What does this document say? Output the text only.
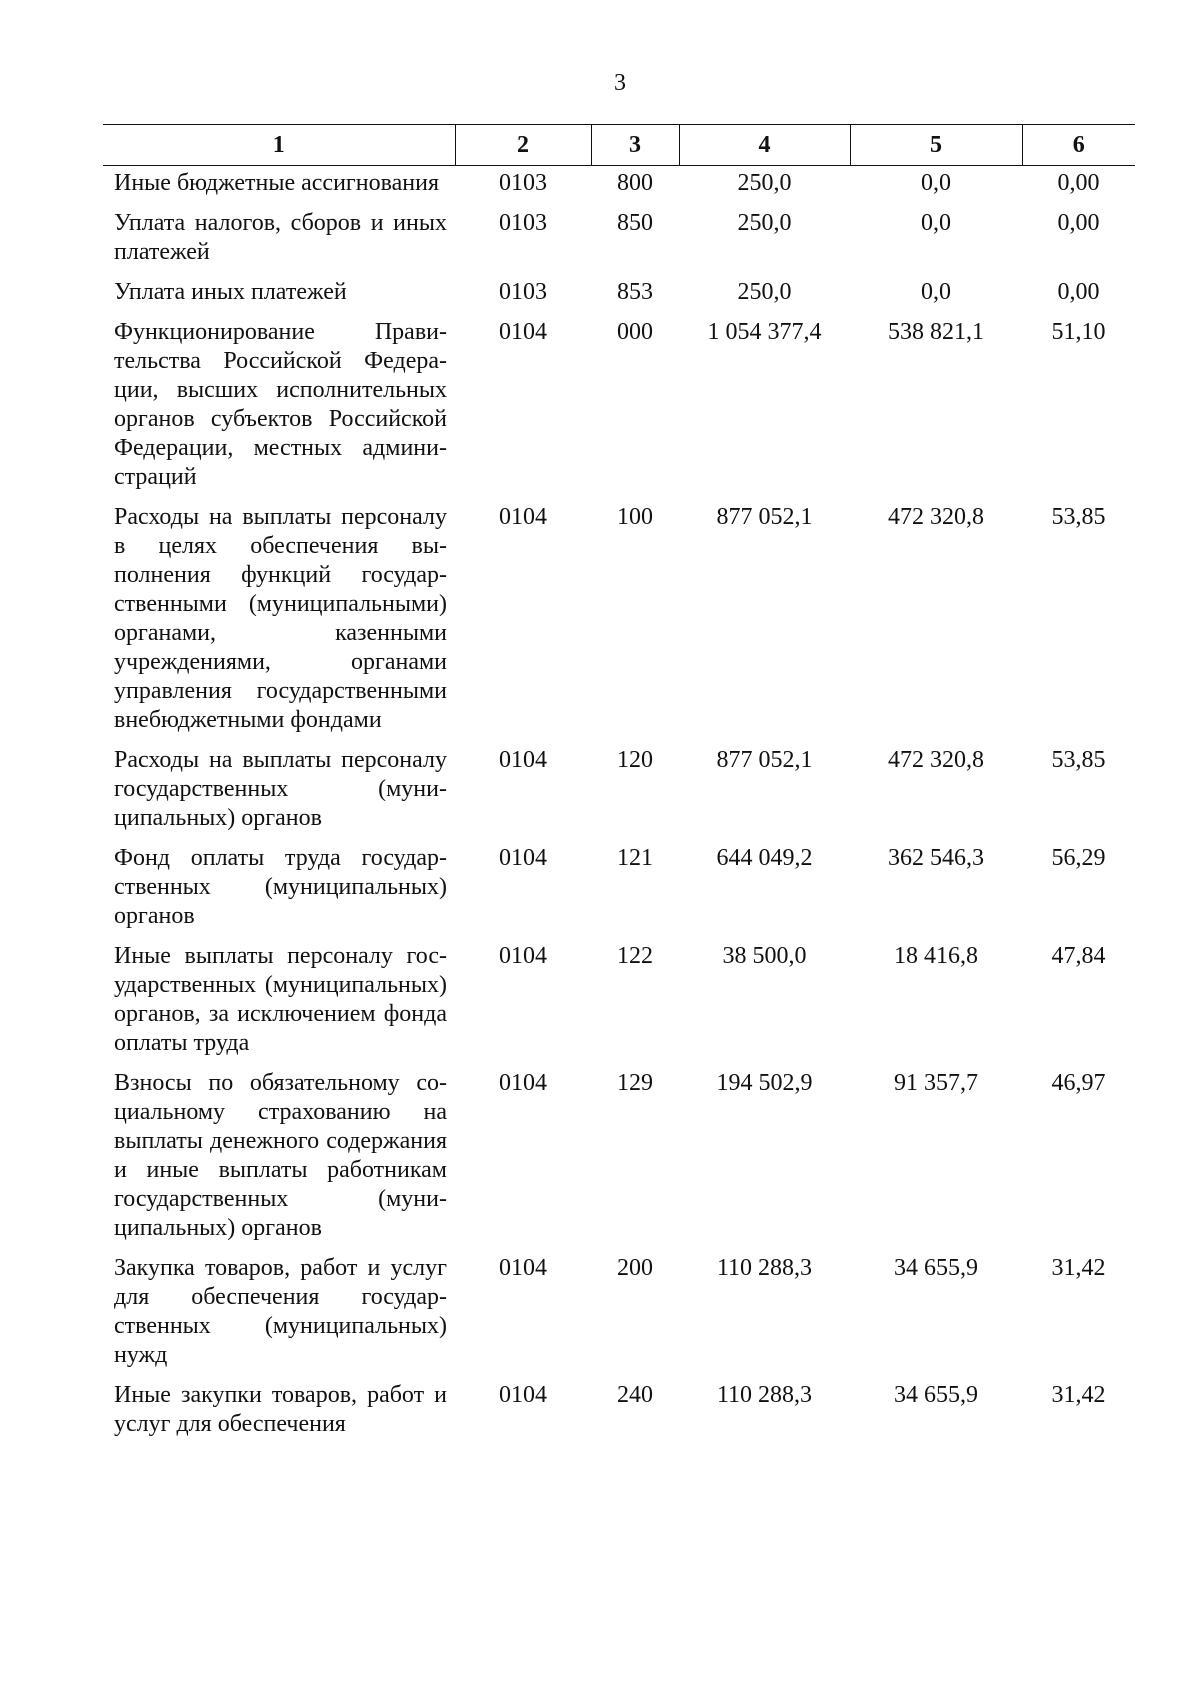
3
1	2	3	4	5	6
Иные бюджетные ассигнования	0103	800	250,0	0,0	0,00
Уплата налогов, сборов и иных платежей	0103	850	250,0	0,0	0,00
Уплата иных платежей	0103	853	250,0	0,0	0,00
Функционирование Правительства Российской Федерации, высших исполнительных органов субъектов Российской Федерации, местных администраций	0104	000	1 054 377,4	538 821,1	51,10
Расходы на выплаты персоналу в целях обеспечения выполнения функций государственными (муниципальными) органами, казенными учреждениями, органами управления государственными внебюджетными фондами	0104	100	877 052,1	472 320,8	53,85
Расходы на выплаты персоналу государственных (муниципальных) органов	0104	120	877 052,1	472 320,8	53,85
Фонд оплаты труда государственных (муниципальных) органов	0104	121	644 049,2	362 546,3	56,29
Иные выплаты персоналу государственных (муниципальных) органов, за исключением фонда оплаты труда	0104	122	38 500,0	18 416,8	47,84
Взносы по обязательному социальному страхованию на выплаты денежного содержания и иные выплаты работникам государственных (муниципальных) органов	0104	129	194 502,9	91 357,7	46,97
Закупка товаров, работ и услуг для обеспечения государственных (муниципальных) нужд	0104	200	110 288,3	34 655,9	31,42
Иные закупки товаров, работ и услуг для обеспечения	0104	240	110 288,3	34 655,9	31,42
